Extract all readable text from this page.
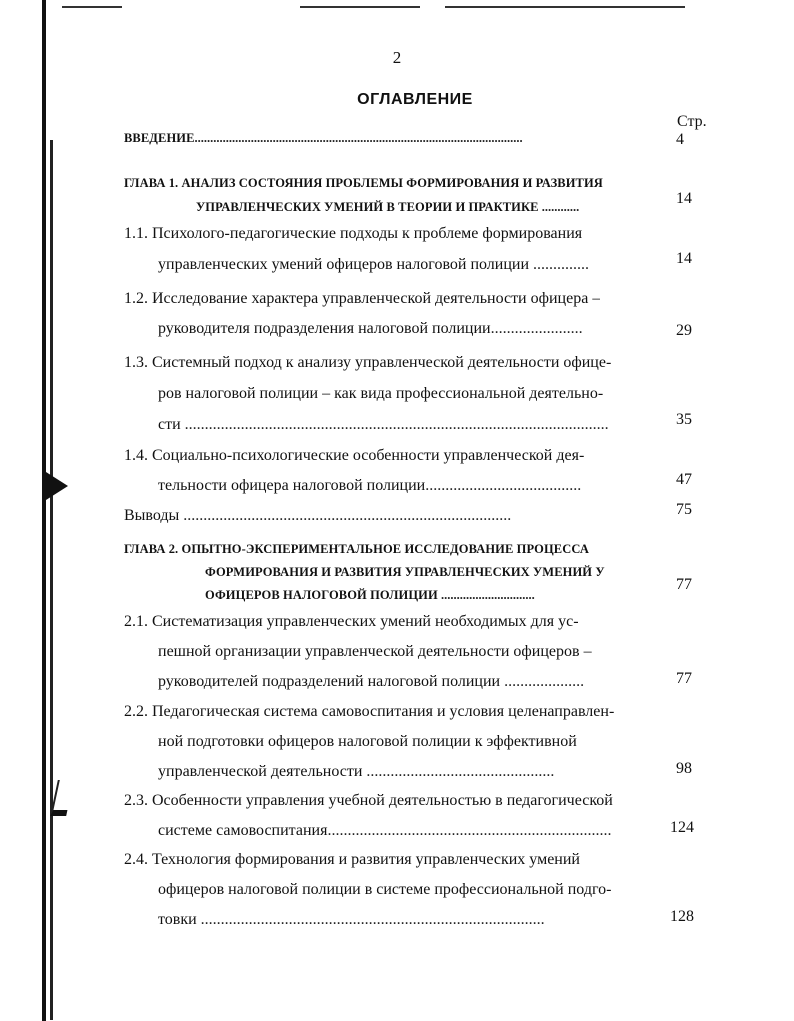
2
ОГЛАВЛЕНИЕ
Стр.
ВВЕДЕНИЕ.........................................................................................................	4
ГЛАВА 1. АНАЛИЗ СОСТОЯНИЯ ПРОБЛЕМЫ ФОРМИРОВАНИЯ И РАЗВИТИЯ
УПРАВЛЕНЧЕСКИХ УМЕНИЙ В ТЕОРИИ И ПРАКТИКЕ ............	14
1.1. Психолого-педагогические подходы к проблеме формирования
управленческих умений офицеров налоговой полиции ..............	14
1.2. Исследование характера управленческой деятельности офицера –
руководителя подразделения налоговой полиции.......................	29
1.3. Системный подход к анализу управленческой деятельности офице-
ров налоговой полиции – как вида профессиональной деятельно-
сти ..........................................................................................................	35
1.4. Социально-психологические особенности управленческой дея-
тельности офицера налоговой полиции.......................................	47
Выводы ..................................................................................	75
ГЛАВА 2. ОПЫТНО-ЭКСПЕРИМЕНТАЛЬНОЕ ИССЛЕДОВАНИЕ ПРОЦЕССА
ФОРМИРОВАНИЯ И РАЗВИТИЯ УПРАВЛЕНЧЕСКИХ УМЕНИЙ У
ОФИЦЕРОВ НАЛОГОВОЙ ПОЛИЦИИ ..............................
77
2.1. Систематизация управленческих умений необходимых для ус-
пешной организации управленческой деятельности офицеров –
руководителей подразделений налоговой полиции ....................	77
2.2. Педагогическая система самовоспитания и условия целенаправлен-
ной подготовки офицеров налоговой полиции к эффективной
управленческой деятельности ...............................................	98
2.3. Особенности управления учебной деятельностью в педагогической
системе самовоспитания.......................................................................	124
2.4. Технология формирования и развития управленческих умений
офицеров налоговой полиции в системе профессиональной подго-
товки ......................................................................................	128
